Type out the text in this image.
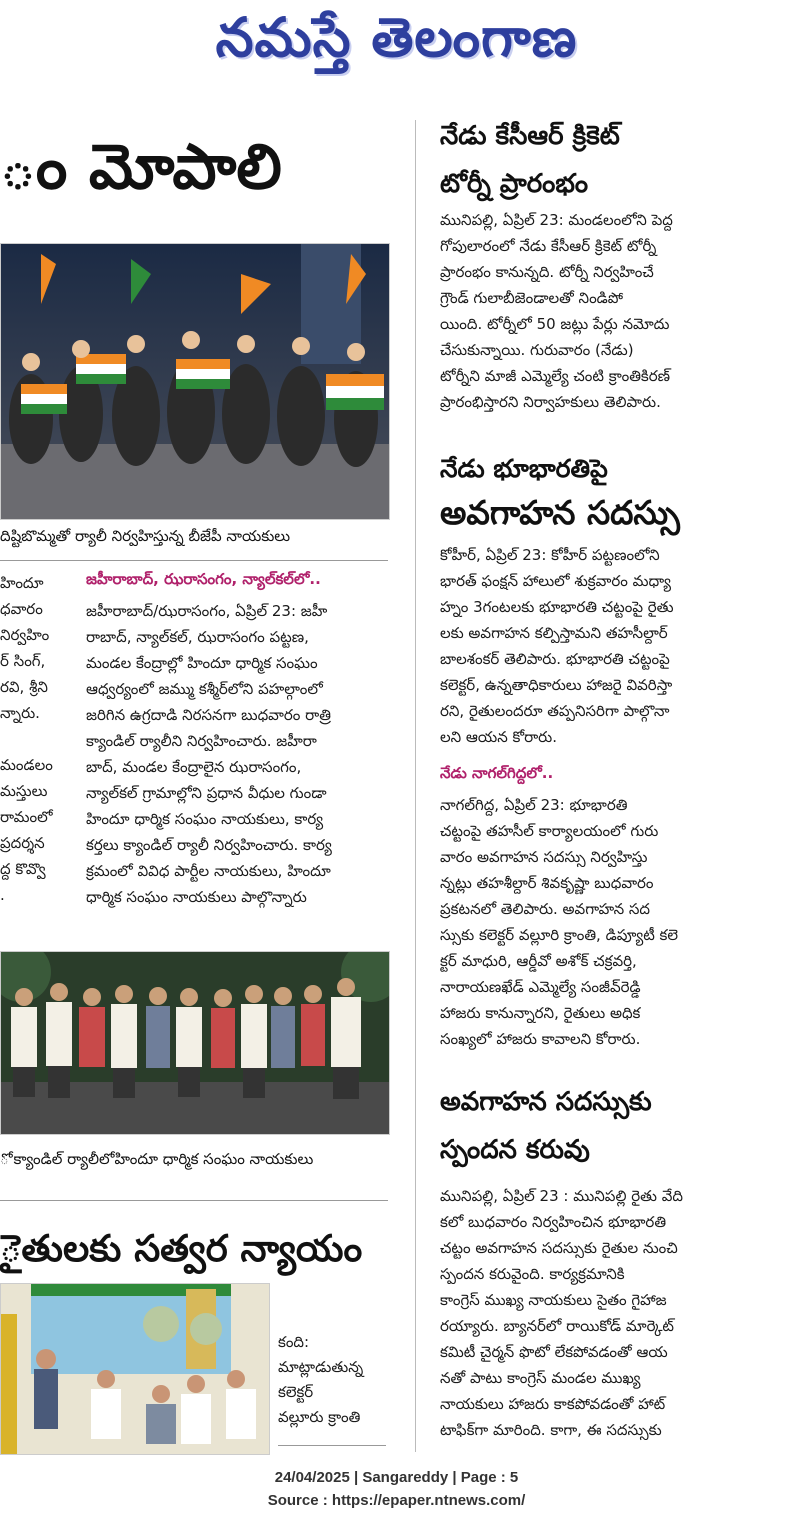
నమస్తే తెలంగాణ
ం మోపాలి
దిష్టిబొమ్మతో ర్యాలీ నిర్వహిస్తున్న బీజేపీ నాయకులు
హిందూ
ధవారం
నిర్వహిం
ర్ సింగ్,
రవి, శ్రీని
న్నారు.

మండలం
మస్తులు
రామంలో
ప్రదర్శన
ద్ద కొవ్వొ
.
జహీరాబాద్, ఝరాసంగం, న్యాల్‌కల్‌లో..
జహీరాబాద్/ఝరాసంగం, ఏప్రిల్ 23: జహీ
రాబాద్, న్యాల్‌కల్, ఝరాసంగం పట్టణ,
మండల కేంద్రాల్లో హిందూ ధార్మిక సంఘం
ఆధ్వర్యంలో జమ్ము కశ్మీర్‌లోని పహల్గాంలో
జరిగిన ఉగ్రదాడి నిరసనగా బుధవారం రాత్రి
క్యాండిల్ ర్యాలీని నిర్వహించారు. జహీరా
బాద్, మండల కేంద్రాలైన ఝరాసంగం,
న్యాల్‌కల్ గ్రామాల్లోని ప్రధాన వీధుల గుండా
హిందూ ధార్మిక సంఘం నాయకులు, కార్య
కర్తలు క్యాండిల్ ర్యాలీ నిర్వహించారు. కార్య
క్రమంలో వివిధ పార్టీల నాయకులు, హిందూ
ధార్మిక సంఘం నాయకులు పాల్గొన్నారు
ో క్యాండిల్ ర్యాలీలోహిందూ ధార్మిక సంఘం నాయకులు
ైతులకు సత్వర న్యాయం
కంది:
మాట్లాడుతున్న
కలెక్టర్
వల్లూరు క్రాంతి
నేడు కేసీఆర్ క్రికెట్
టోర్నీ ప్రారంభం
మునిపల్లి, ఏప్రిల్ 23: మండలంలోని పెద్ద
గోపులారంలో నేడు కేసీఆర్ క్రికెట్ టోర్నీ
ప్రారంభం కానున్నది. టోర్నీ నిర్వహించే
గ్రౌండ్ గులాబీజెండాలతో నిండిపో
యింది. టోర్నీలో 50 జట్లు పేర్లు నమోదు
చేసుకున్నాయి. గురువారం (నేడు)
టోర్నీని మాజీ ఎమ్మెల్యే చంటి క్రాంతికిరణ్
ప్రారంభిస్తారని నిర్వాహకులు తెలిపారు.
నేడు భూభారతిపై
అవగాహన సదస్సు
కోహీర్, ఏప్రిల్ 23: కోహీర్ పట్టణంలోని
భారత్ ఫంక్షన్ హాలులో శుక్రవారం మధ్యా
హ్నం 3గంటలకు భూభారతి చట్టంపై రైతు
లకు అవగాహన కల్పిస్తామని తహసీల్దార్
బాలశంకర్ తెలిపారు. భూభారతి చట్టంపై
కలెక్టర్, ఉన్నతాధికారులు హాజరై వివరిస్తా
రని, రైతులందరూ తప్పనిసరిగా పాల్గొనా
లని ఆయన కోరారు.
నేడు నాగల్‌గిద్దలో..
నాగల్‌గిద్ద, ఏప్రిల్ 23: భూభారతి
చట్టంపై తహసీల్ కార్యాలయంలో గురు
వారం అవగాహన సదస్సు నిర్వహిస్తు
న్నట్లు తహశీల్దార్ శివకృష్ణా బుధవారం
ప్రకటనలో తెలిపారు. అవగాహన సద
స్సుకు కలెక్టర్ వల్లూరి క్రాంతి, డిప్యూటీ కలె
క్టర్ మాధురి, ఆర్డీవో అశోక్ చక్రవర్తి,
నారాయణఖేడ్ ఎమ్మెల్యే సంజీవ్‌రెడ్డి
హాజరు కానున్నారని, రైతులు అధిక
సంఖ్యలో హాజరు కావాలని కోరారు.
అవగాహన సదస్సుకు
స్పందన కరువు
మునిపల్లి, ఏప్రిల్ 23 : మునిపల్లి రైతు వేది
కలో బుధవారం నిర్వహించిన భూభారతి
చట్టం అవగాహన సదస్సుకు రైతుల నుంచి
స్పందన కరువైంది. కార్యక్రమానికి
కాంగ్రెస్ ముఖ్య నాయకులు సైతం గైహాజ
రయ్యారు. బ్యానర్‌లో రాయికోడ్ మార్కెట్
కమిటీ చైర్మన్ ఫొటో లేకపోవడంతో ఆయ
నతో పాటు కాంగ్రెస్ మండల ముఖ్య
నాయకులు హాజరు కాకపోవడంతో హాట్
టాఫిక్‌గా మారింది. కాగా, ఈ సదస్సుకు
24/04/2025 | Sangareddy | Page : 5
Source : https://epaper.ntnews.com/
